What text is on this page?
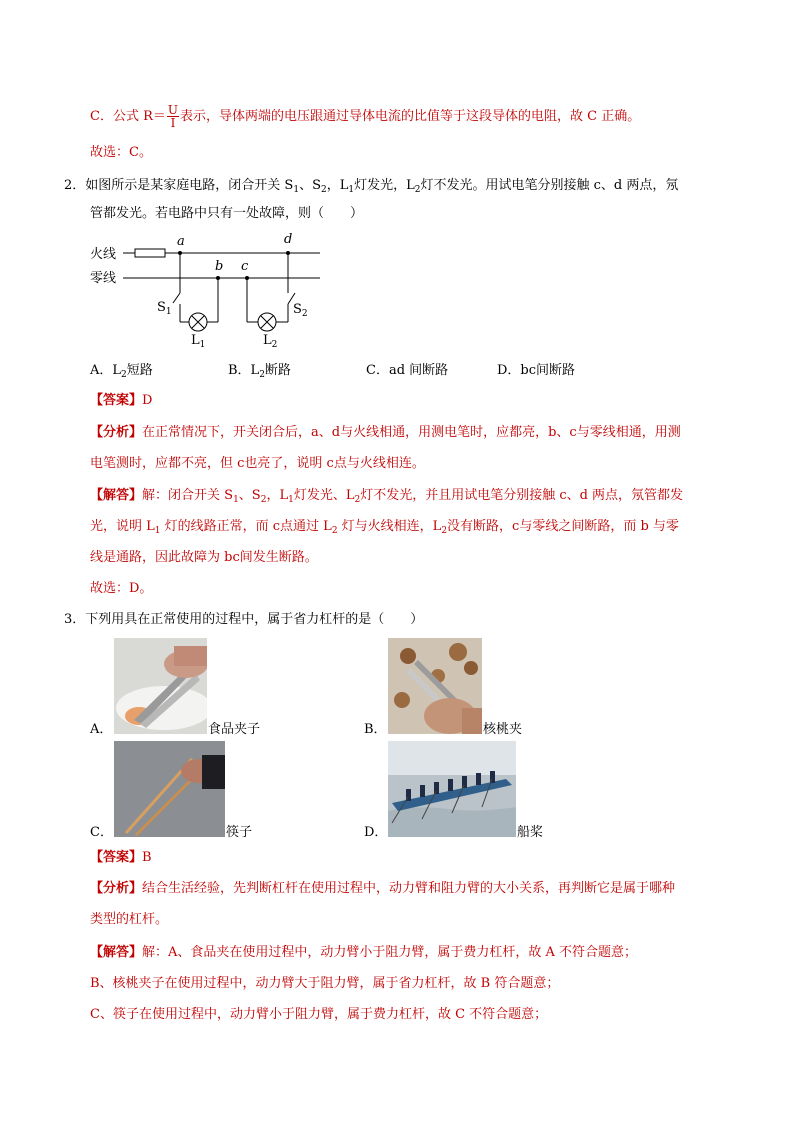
C．公式 $R= \frac{U}{I}$ 表示，导体两端的电压跟通过导体电流的比值等于这段导体的电阻，故 C 正确。
故选：C。
2．如图所示是某家庭电路，闭合开关 $S_1$、$S_2$，$L_1$灯发光，$L_2$灯不发光。用试电笔分别接触 c、d 两点，氖
管都发光。若电路中只有一处故障，则（　　）
火线
零线
a	d
b c
$S_1$	$S_2$
$L_1$	$L_2$
A．$L_2$短路	B．$L_2$断路	C．ad 间断路	D．bc间断路
【答案】D
【分析】在正常情况下，开关闭合后，a、d与火线相通，用测电笔时，应都亮，b、c与零线相通，用测
电笔测时，应都不亮，但 c也亮了，说明 c点与火线相连。
【解答】解：闭合开关 $S_1$、$S_2$，$L_1$灯发光、$L_2$灯不发光，并且用试电笔分别接触 c、d 两点，氖管都发
光，说明 $L_1$ 灯的线路正常，而 c点通过 $L_2$ 灯与火线相连，$L_2$没有断路，c与零线之间断路，而 b 与零
线是通路，因此故障为 bc间发生断路。
故选：D。
3．下列用具在正常使用的过程中，属于省力杠杆的是（　　）
A．	食品夹子	B．	核桃夹
C．	筷子	D．	船桨
【答案】B
【分析】结合生活经验，先判断杠杆在使用过程中，动力臂和阻力臂的大小关系，再判断它是属于哪种
类型的杠杆。
【解答】解：A、食品夹在使用过程中，动力臂小于阻力臂，属于费力杠杆，故 A 不符合题意；
B、核桃夹子在使用过程中，动力臂大于阻力臂，属于省力杠杆，故 B 符合题意；
C、筷子在使用过程中，动力臂小于阻力臂，属于费力杠杆，故 C 不符合题意；
